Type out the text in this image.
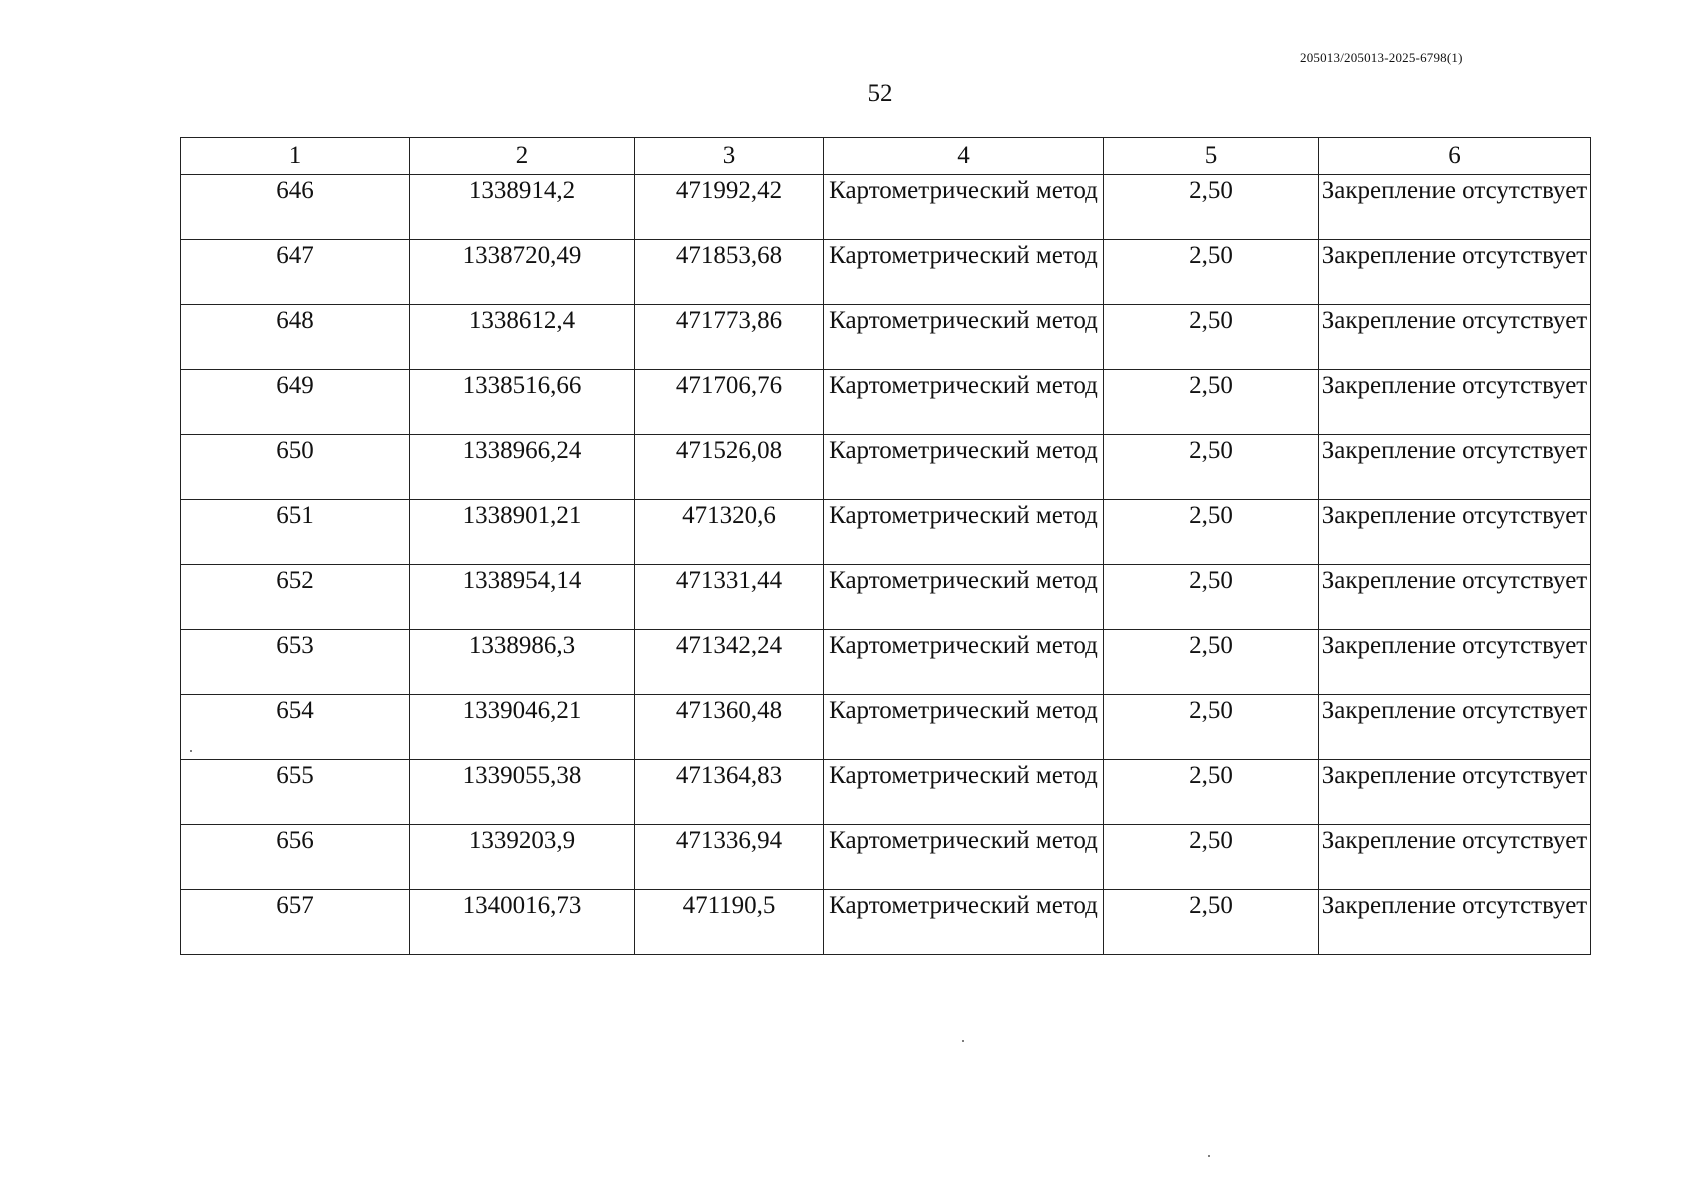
205013/205013-2025-6798(1)
52
1	2	3	4	5	6

646	1338914,2	471992,42	Картометрический метод	2,50	Закрепление отсутствует

647	1338720,49	471853,68	Картометрический метод	2,50	Закрепление отсутствует

648	1338612,4	471773,86	Картометрический метод	2,50	Закрепление отсутствует

649	1338516,66	471706,76	Картометрический метод	2,50	Закрепление отсутствует

650	1338966,24	471526,08	Картометрический метод	2,50	Закрепление отсутствует

651	1338901,21	471320,6	Картометрический метод	2,50	Закрепление отсутствует

652	1338954,14	471331,44	Картометрический метод	2,50	Закрепление отсутствует

653	1338986,3	471342,24	Картометрический метод	2,50	Закрепление отсутствует

654	1339046,21	471360,48	Картометрический метод	2,50	Закрепление отсутствует

655	1339055,38	471364,83	Картометрический метод	2,50	Закрепление отсутствует

656	1339203,9	471336,94	Картометрический метод	2,50	Закрепление отсутствует

657	1340016,73	471190,5	Картометрический метод	2,50	Закрепление отсутствует
